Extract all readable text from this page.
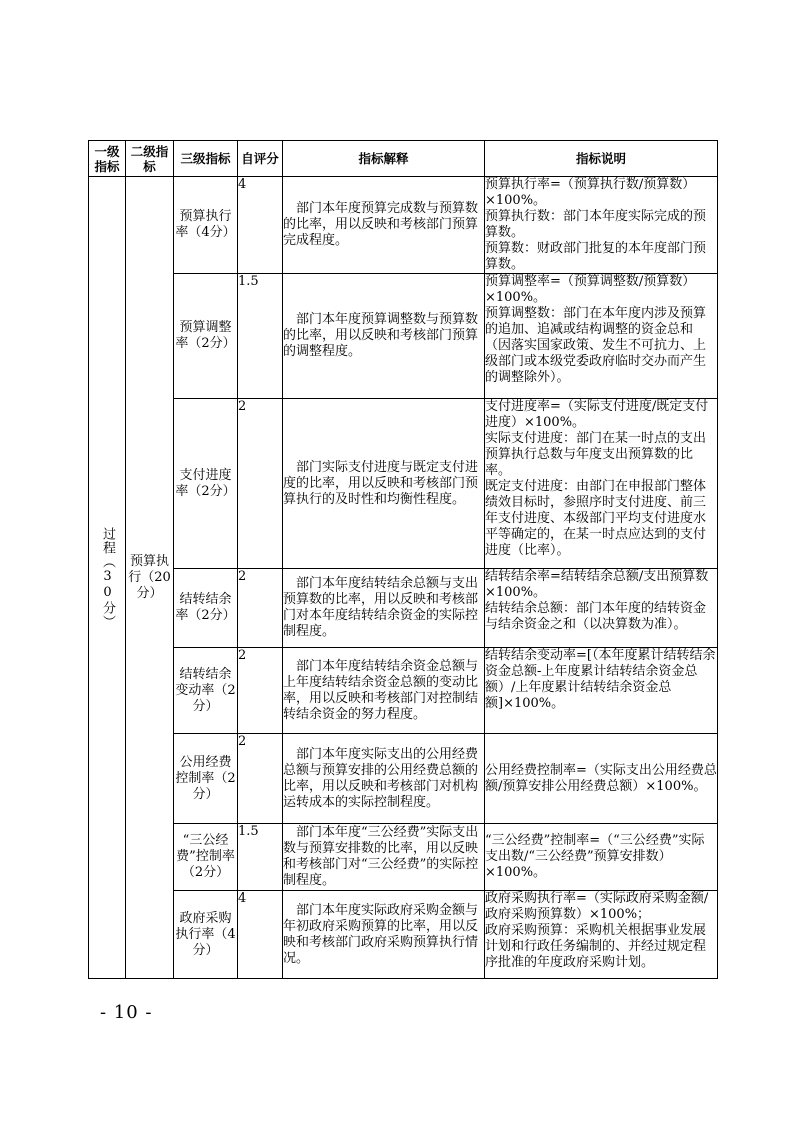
一级指标	二级指标	三级指标	自评分	指标解释	指标说明

过程（30分）	预算执行（20分）	预算执行率（4分）	4	部门本年度预算完成数与预算数的比率，用以反映和考核部门预算完成程度。	预算执行率=（预算执行数/预算数）×100%。
预算执行数：部门本年度实际完成的预算数。
预算数：财政部门批复的本年度部门预算数。

		预算调整率（2分）	1.5	部门本年度预算调整数与预算数的比率，用以反映和考核部门预算的调整程度。	预算调整率=（预算调整数/预算数）×100%。
预算调整数：部门在本年度内涉及预算的追加、追减或结构调整的资金总和（因落实国家政策、发生不可抗力、上级部门或本级党委政府临时交办而产生的调整除外）。

		支付进度率（2分）	2	部门实际支付进度与既定支付进度的比率，用以反映和考核部门预算执行的及时性和均衡性程度。	支付进度率=（实际支付进度/既定支付进度）×100%。
实际支付进度：部门在某一时点的支出预算执行总数与年度支出预算数的比率。
既定支付进度：由部门在申报部门整体绩效目标时，参照序时支付进度、前三年支付进度、本级部门平均支付进度水平等确定的，在某一时点应达到的支付进度（比率）。

		结转结余率（2分）	2	部门本年度结转结余总额与支出预算数的比率，用以反映和考核部门对本年度结转结余资金的实际控制程度。	结转结余率=结转结余总额/支出预算数×100%。
结转结余总额：部门本年度的结转资金与结余资金之和（以决算数为准）。

		结转结余变动率（2分）	2	部门本年度结转结余资金总额与上年度结转结余资金总额的变动比率，用以反映和考核部门对控制结转结余资金的努力程度。	结转结余变动率=[（本年度累计结转结余资金总额-上年度累计结转结余资金总额）/上年度累计结转结余资金总额]×100%。

		公用经费控制率（2分）	2	部门本年度实际支出的公用经费总额与预算安排的公用经费总额的比率，用以反映和考核部门对机构运转成本的实际控制程度。	公用经费控制率=（实际支出公用经费总额/预算安排公用经费总额）×100%。

		“三公经费”控制率（2分）	1.5	部门本年度“三公经费”实际支出数与预算安排数的比率，用以反映和考核部门对“三公经费”的实际控制程度。	“三公经费”控制率=（“三公经费”实际支出数/“三公经费”预算安排数）×100%。

		政府采购执行率（4分）	4	部门本年度实际政府采购金额与年初政府采购预算的比率，用以反映和考核部门政府采购预算执行情况。	政府采购执行率=（实际政府采购金额/政府采购预算数）×100%；
政府采购预算：采购机关根据事业发展计划和行政任务编制的、并经过规定程序批准的年度政府采购计划。
- 10 -
